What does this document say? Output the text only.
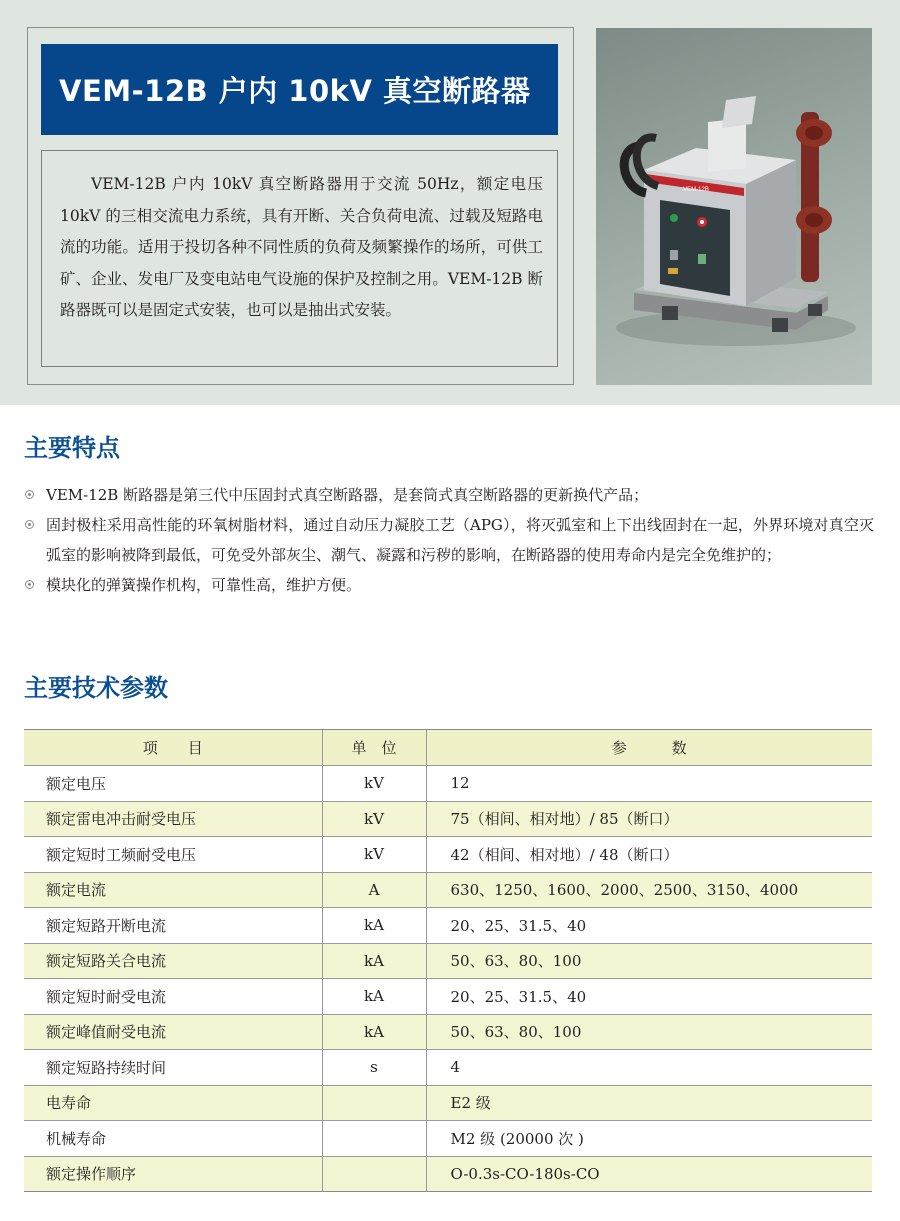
VEM-12B 户内 10kV 真空断路器

VEM-12B 户内 10kV 真空断路器用于交流 50Hz，额定电压 10kV 的三相交流电力系统，具有开断、关合负荷电流、过载及短路电流的功能。适用于投切各种不同性质的负荷及频繁操作的场所，可供工矿、企业、发电厂及变电站电气设施的保护及控制之用。VEM-12B 断路器既可以是固定式安装，也可以是抽出式安装。

VEM-12B
主要特点
VEM-12B 断路器是第三代中压固封式真空断路器，是套筒式真空断路器的更新换代产品；
固封极柱采用高性能的环氧树脂材料，通过自动压力凝胶工艺（APG），将灭弧室和上下出线固封在一起，外界环境对真空灭弧室的影响被降到最低，可免受外部灰尘、潮气、凝露和污秽的影响，在断路器的使用寿命内是完全免维护的；
模块化的弹簧操作机构，可靠性高，维护方便。
主要技术参数
项　　目	单　位	参　　　数
额定电压	kV	12
额定雷电冲击耐受电压	kV	75（相间、相对地）/ 85（断口）
额定短时工频耐受电压	kV	42（相间、相对地）/ 48（断口）
额定电流	A	630、1250、1600、2000、2500、3150、4000
额定短路开断电流	kA	20、25、31.5、40
额定短路关合电流	kA	50、63、80、100
额定短时耐受电流	kA	20、25、31.5、40
额定峰值耐受电流	kA	50、63、80、100
额定短路持续时间	s	4
电寿命		E2 级
机械寿命		M2 级 (20000 次 )
额定操作顺序		O-0.3s-CO-180s-CO
